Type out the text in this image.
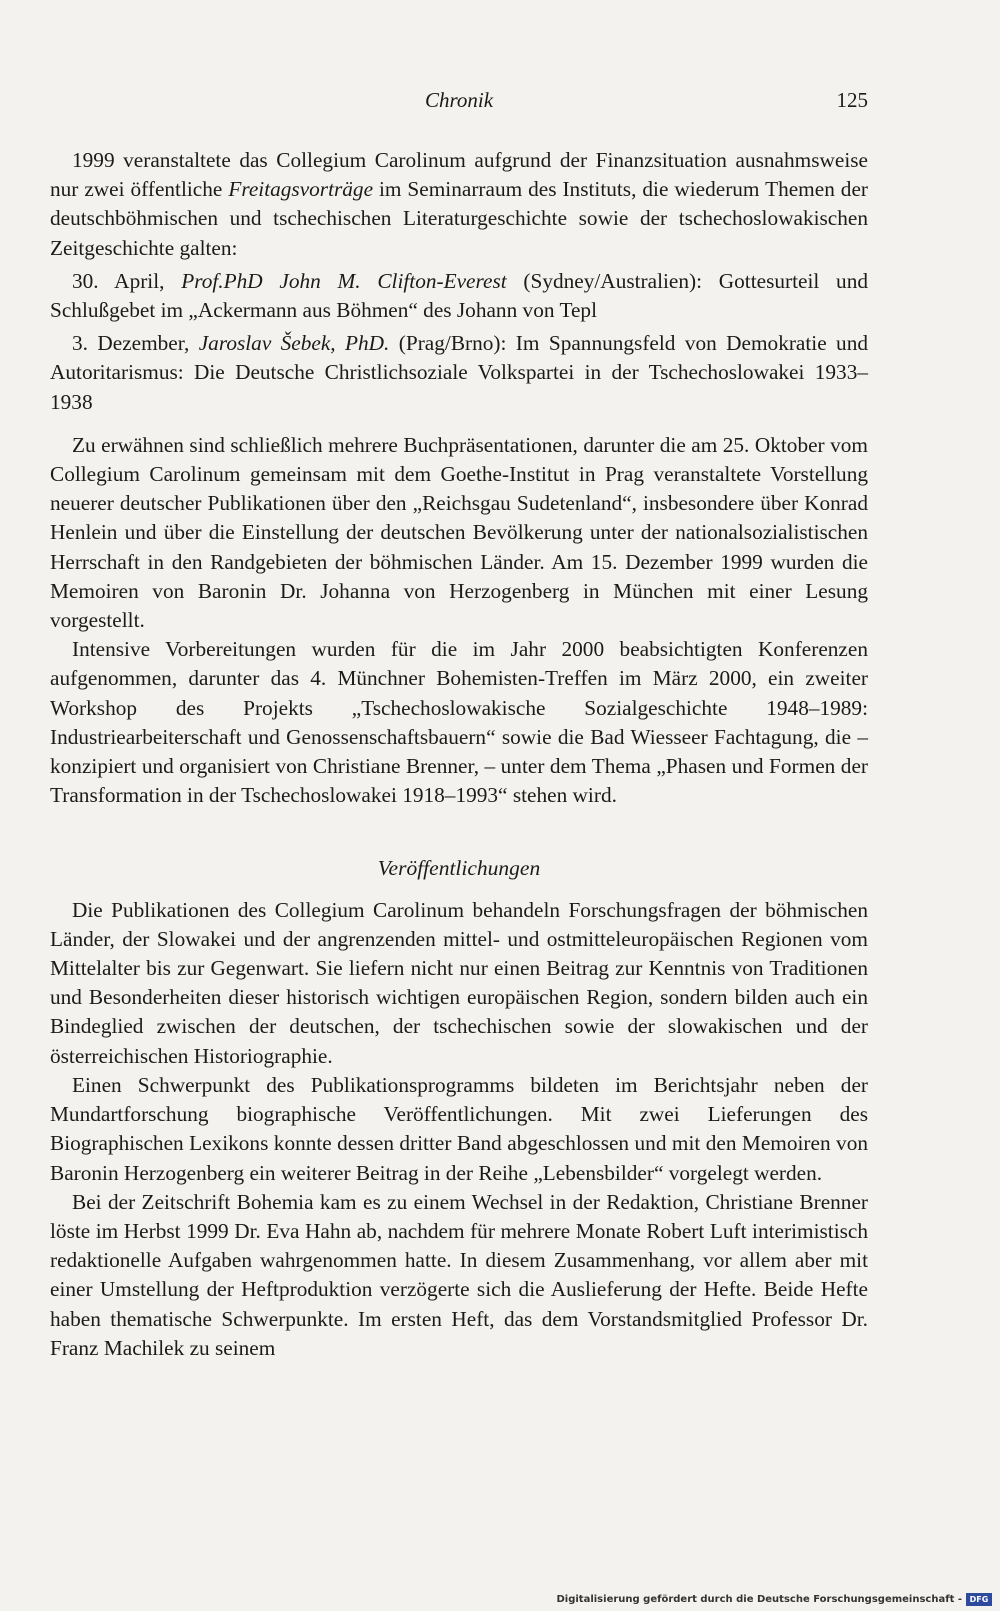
Chronik	125

1999 veranstaltete das Collegium Carolinum aufgrund der Finanzsituation ausnahmsweise nur zwei öffentliche Freitagsvorträge im Seminarraum des Instituts, die wiederum Themen der deutschböhmischen und tschechischen Literaturgeschichte sowie der tschechoslowakischen Zeitgeschichte galten:

30. April, Prof.PhD John M. Clifton-Everest (Sydney/Australien): Gottesurteil und Schlußgebet im „Ackermann aus Böhmen“ des Johann von Tepl

3. Dezember, Jaroslav Šebek, PhD. (Prag/Brno): Im Spannungsfeld von Demokratie und Autoritarismus: Die Deutsche Christlichsoziale Volkspartei in der Tschechoslowakei 1933–1938

Zu erwähnen sind schließlich mehrere Buchpräsentationen, darunter die am 25. Oktober vom Collegium Carolinum gemeinsam mit dem Goethe-Institut in Prag veranstaltete Vorstellung neuerer deutscher Publikationen über den „Reichsgau Sudetenland“, insbesondere über Konrad Henlein und über die Einstellung der deutschen Bevölkerung unter der nationalsozialistischen Herrschaft in den Randgebieten der böhmischen Länder. Am 15. Dezember 1999 wurden die Memoiren von Baronin Dr. Johanna von Herzogenberg in München mit einer Lesung vorgestellt.

Intensive Vorbereitungen wurden für die im Jahr 2000 beabsichtigten Konferenzen aufgenommen, darunter das 4. Münchner Bohemisten-Treffen im März 2000, ein zweiter Workshop des Projekts „Tschechoslowakische Sozialgeschichte 1948–1989: Industriearbeiterschaft und Genossenschaftsbauern“ sowie die Bad Wiesseer Fachtagung, die – konzipiert und organisiert von Christiane Brenner, – unter dem Thema „Phasen und Formen der Transformation in der Tschechoslowakei 1918–1993“ stehen wird.

Veröffentlichungen

Die Publikationen des Collegium Carolinum behandeln Forschungsfragen der böhmischen Länder, der Slowakei und der angrenzenden mittel- und ostmitteleuropäischen Regionen vom Mittelalter bis zur Gegenwart. Sie liefern nicht nur einen Beitrag zur Kenntnis von Traditionen und Besonderheiten dieser historisch wichtigen europäischen Region, sondern bilden auch ein Bindeglied zwischen der deutschen, der tschechischen sowie der slowakischen und der österreichischen Historiographie.

Einen Schwerpunkt des Publikationsprogramms bildeten im Berichtsjahr neben der Mundartforschung biographische Veröffentlichungen. Mit zwei Lieferungen des Biographischen Lexikons konnte dessen dritter Band abgeschlossen und mit den Memoiren von Baronin Herzogenberg ein weiterer Beitrag in der Reihe „Lebensbilder“ vorgelegt werden.

Bei der Zeitschrift Bohemia kam es zu einem Wechsel in der Redaktion, Christiane Brenner löste im Herbst 1999 Dr. Eva Hahn ab, nachdem für mehrere Monate Robert Luft interimistisch redaktionelle Aufgaben wahrgenommen hatte. In diesem Zusammenhang, vor allem aber mit einer Umstellung der Heftproduktion verzögerte sich die Auslieferung der Hefte. Beide Hefte haben thematische Schwerpunkte. Im ersten Heft, das dem Vorstandsmitglied Professor Dr. Franz Machilek zu seinem

Digitalisierung gefördert durch die Deutsche Forschungsgemeinschaft - DFG
